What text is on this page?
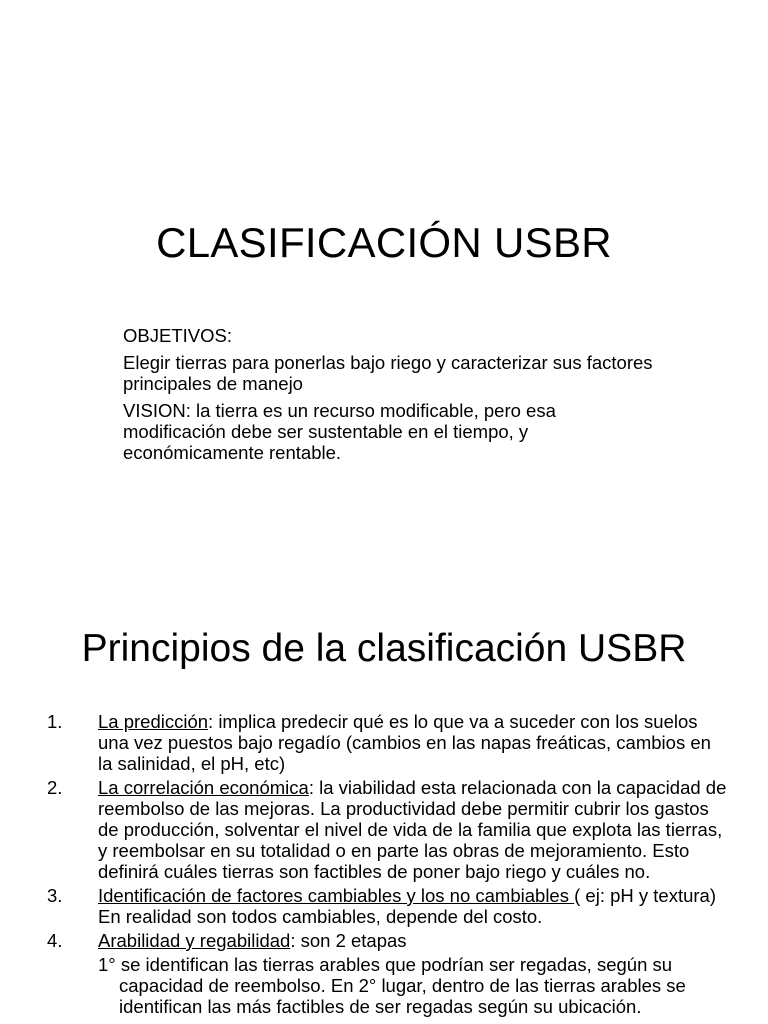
CLASIFICACIÓN USBR

OBJETIVOS:

Elegir tierras para ponerlas bajo riego y caracterizar sus factores principales de manejo

VISION: la tierra es un recurso modificable, pero esa modificación debe ser sustentable en el tiempo, y económicamente rentable.

Principios de la clasificación USBR
1. La predicción: implica predecir qué es lo que va a suceder con los suelos una vez puestos bajo regadío (cambios en las napas freáticas, cambios en la salinidad, el pH, etc)
2. La correlación económica: la viabilidad esta relacionada con la capacidad de reembolso de las mejoras. La productividad debe permitir cubrir los gastos de producción, solventar el nivel de vida de la familia que explota las tierras, y reembolsar en su totalidad o en parte las obras de mejoramiento. Esto definirá cuáles tierras son factibles de poner bajo riego y cuáles no.
3. Identificación de factores cambiables y los no cambiables ( ej: pH y textura) En realidad son todos cambiables, depende del costo.
4. Arabilidad y regabilidad: son 2 etapas
1° se identifican las tierras arables que podrían ser regadas, según su capacidad de reembolso. En 2° lugar, dentro de las tierras arables se identifican las más factibles de ser regadas según su ubicación.
